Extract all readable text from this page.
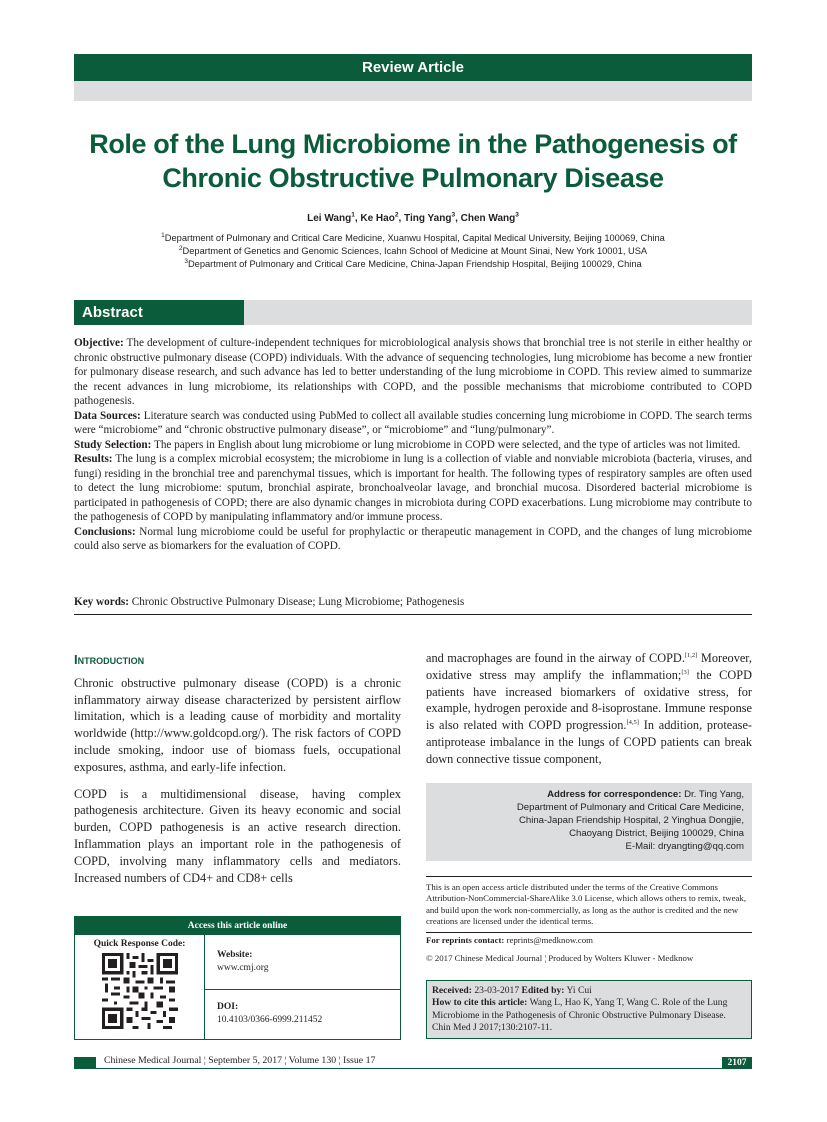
Review Article
Role of the Lung Microbiome in the Pathogenesis of Chronic Obstructive Pulmonary Disease
Lei Wang$^1$, Ke Hao$^2$, Ting Yang$^3$, Chen Wang$^3$
$^1$Department of Pulmonary and Critical Care Medicine, Xuanwu Hospital, Capital Medical University, Beijing 100069, China
$^2$Department of Genetics and Genomic Sciences, Icahn School of Medicine at Mount Sinai, New York 10001, USA
$^3$Department of Pulmonary and Critical Care Medicine, China-Japan Friendship Hospital, Beijing 100029, China
Abstract

Objective: The development of culture-independent techniques for microbiological analysis shows that bronchial tree is not sterile in either healthy or chronic obstructive pulmonary disease (COPD) individuals. With the advance of sequencing technologies, lung microbiome has become a new frontier for pulmonary disease research, and such advance has led to better understanding of the lung microbiome in COPD. This review aimed to summarize the recent advances in lung microbiome, its relationships with COPD, and the possible mechanisms that microbiome contributed to COPD pathogenesis.

Data Sources: Literature search was conducted using PubMed to collect all available studies concerning lung microbiome in COPD. The search terms were “microbiome” and “chronic obstructive pulmonary disease”, or “microbiome” and “lung/pulmonary”.

Study Selection: The papers in English about lung microbiome or lung microbiome in COPD were selected, and the type of articles was not limited.

Results: The lung is a complex microbial ecosystem; the microbiome in lung is a collection of viable and nonviable microbiota (bacteria, viruses, and fungi) residing in the bronchial tree and parenchymal tissues, which is important for health. The following types of respiratory samples are often used to detect the lung microbiome: sputum, bronchial aspirate, bronchoalveolar lavage, and bronchial mucosa. Disordered bacterial microbiome is participated in pathogenesis of COPD; there are also dynamic changes in microbiota during COPD exacerbations. Lung microbiome may contribute to the pathogenesis of COPD by manipulating inflammatory and/or immune process.

Conclusions: Normal lung microbiome could be useful for prophylactic or therapeutic management in COPD, and the changes of lung microbiome could also serve as biomarkers for the evaluation of COPD.

Key words: Chronic Obstructive Pulmonary Disease; Lung Microbiome; Pathogenesis
Introduction

Chronic obstructive pulmonary disease (COPD) is a chronic inflammatory airway disease characterized by persistent airflow limitation, which is a leading cause of morbidity and mortality worldwide (http://www.goldcopd.org/). The risk factors of COPD include smoking, indoor use of biomass fuels, occupational exposures, asthma, and early-life infection.

COPD is a multidimensional disease, having complex pathogenesis architecture. Given its heavy economic and social burden, COPD pathogenesis is an active research direction. Inflammation plays an important role in the pathogenesis of COPD, involving many inflammatory cells and mediators. Increased numbers of CD4+ and CD8+ cells

and macrophages are found in the airway of COPD.[1,2] Moreover, oxidative stress may amplify the inflammation;[3] the COPD patients have increased biomarkers of oxidative stress, for example, hydrogen peroxide and 8-isoprostane. Immune response is also related with COPD progression.[4,5] In addition, protease-antiprotease imbalance in the lungs of COPD patients can break down connective tissue component,

Access this article online
Quick Response Code:
Website:
www.cmj.org
DOI:
10.4103/0366-6999.211452
Address for correspondence: Dr. Ting Yang,
Department of Pulmonary and Critical Care Medicine,
China-Japan Friendship Hospital, 2 Yinghua Dongjie,
Chaoyang District, Beijing 100029, China
E-Mail: dryangting@qq.com
This is an open access article distributed under the terms of the Creative Commons Attribution-NonCommercial-ShareAlike 3.0 License, which allows others to remix, tweak, and build upon the work non-commercially, as long as the author is credited and the new creations are licensed under the identical terms.
For reprints contact: reprints@medknow.com
© 2017 Chinese Medical Journal ¦ Produced by Wolters Kluwer - Medknow
Received: 23-03-2017 Edited by: Yi Cui
How to cite this article: Wang L, Hao K, Yang T, Wang C. Role of the Lung Microbiome in the Pathogenesis of Chronic Obstructive Pulmonary Disease. Chin Med J 2017;130:2107-11.
Chinese Medical Journal ¦ September 5, 2017 ¦ Volume 130 ¦ Issue 17	2107
